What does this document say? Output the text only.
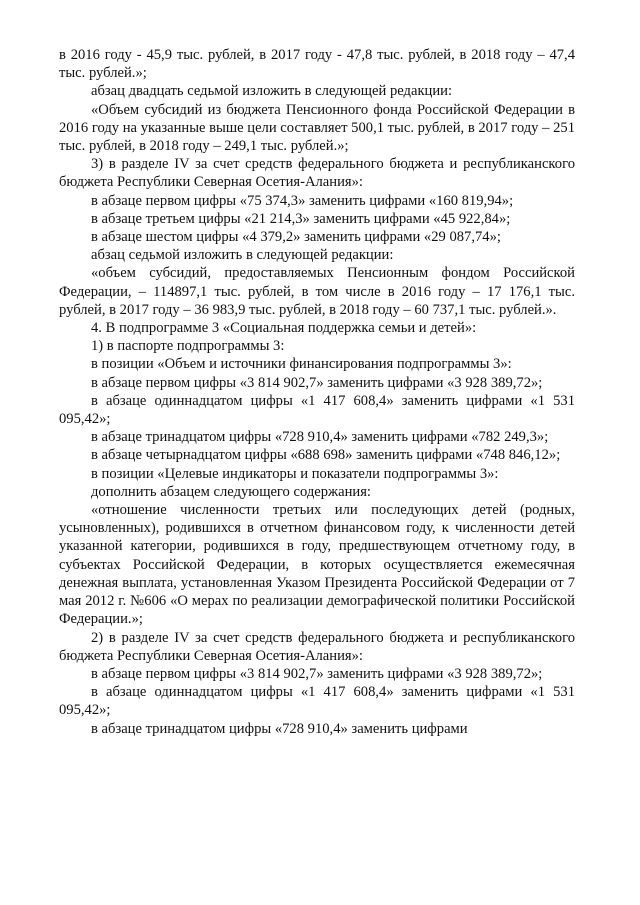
в 2016 году - 45,9 тыс. рублей, в 2017 году - 47,8 тыс. рублей, в 2018 году – 47,4 тыс. рублей.»;

абзац двадцать седьмой изложить в следующей редакции:

«Объем субсидий из бюджета Пенсионного фонда Российской Федерации в 2016 году на указанные выше цели составляет 500,1 тыс. рублей, в 2017 году – 251 тыс. рублей, в 2018 году – 249,1 тыс. рублей.»;

3) в разделе IV за счет средств федерального бюджета и республиканского бюджета Республики Северная Осетия-Алания»:

в абзаце первом цифры «75 374,3» заменить цифрами «160 819,94»;

в абзаце третьем цифры «21 214,3» заменить цифрами «45 922,84»;

в абзаце шестом цифры «4 379,2» заменить цифрами «29 087,74»;

абзац седьмой изложить в следующей редакции:

«объем субсидий, предоставляемых Пенсионным фондом Российской Федерации, – 114897,1 тыс. рублей, в том числе в 2016 году – 17 176,1 тыс. рублей, в 2017 году – 36 983,9 тыс. рублей, в 2018 году – 60 737,1 тыс. рублей.».

4. В подпрограмме 3 «Социальная поддержка семьи и детей»:

1) в паспорте подпрограммы 3:

в позиции «Объем и источники финансирования подпрограммы 3»:

в абзаце первом цифры «3 814 902,7» заменить цифрами «3 928 389,72»;

в абзаце одиннадцатом цифры «1 417 608,4» заменить цифрами «1 531 095,42»;

в абзаце тринадцатом цифры «728 910,4» заменить цифрами «782 249,3»;

в абзаце четырнадцатом цифры «688 698» заменить цифрами «748 846,12»;

в позиции «Целевые индикаторы и показатели подпрограммы 3»:

дополнить абзацем следующего содержания:

«отношение численности третьих или последующих детей (родных, усыновленных), родившихся в отчетном финансовом году, к численности детей указанной категории, родившихся в году, предшествующем отчетному году, в субъектах Российской Федерации, в которых осуществляется ежемесячная денежная выплата, установленная Указом Президента Российской Федерации от 7 мая 2012 г. №606 «О мерах по реализации демографической политики Российской Федерации.»;

2) в разделе IV за счет средств федерального бюджета и республиканского бюджета Республики Северная Осетия-Алания»:

в абзаце первом цифры «3 814 902,7» заменить цифрами «3 928 389,72»;

в абзаце одиннадцатом цифры «1 417 608,4» заменить цифрами «1 531 095,42»;

в абзаце тринадцатом цифры «728 910,4» заменить цифрами
